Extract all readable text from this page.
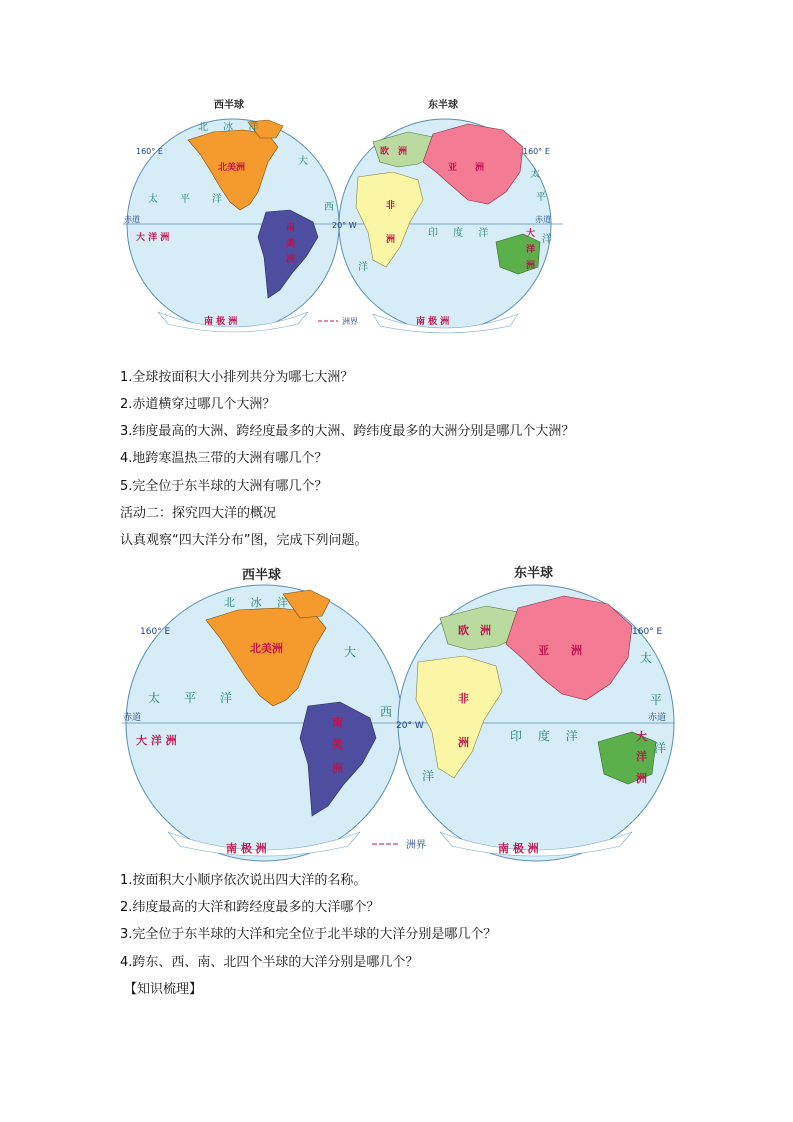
西半球	东半球
160° E	160° E
赤道	赤道
20° W
北 冰 洋
太　平　洋
太
平
洋
大
西
洋
印 度 洋
北美洲
南
美
洲
欧　洲
亚　　洲
非
洲
大
洋
洲
大 洋 洲
南 极 洲	南 极 洲
洲界
1.全球按面积大小排列共分为哪七大洲？
2.赤道横穿过哪几个大洲？
3.纬度最高的大洲、跨经度最多的大洲、跨纬度最多的大洲分别是哪几个大洲？
4.地跨寒温热三带的大洲有哪几个？
5.完全位于东半球的大洲有哪几个？
活动二：探究四大洋的概况
认真观察“四大洋分布”图，完成下列问题。
西半球	东半球
160° E	160° E
赤道	赤道
20° W
北 冰 洋
太　平　洋
太
平
洋
大
西
洋
印 度 洋
北美洲
南
美
洲
欧　洲
亚　　洲
非
洲	大
洋
洲
大 洋 洲
南 极 洲	南 极 洲
洲界
1.按面积大小顺序依次说出四大洋的名称。
2.纬度最高的大洋和跨经度最多的大洋哪个？
3.完全位于东半球的大洋和完全位于北半球的大洋分别是哪几个？
4.跨东、西、南、北四个半球的大洋分别是哪几个？
【知识梳理】
